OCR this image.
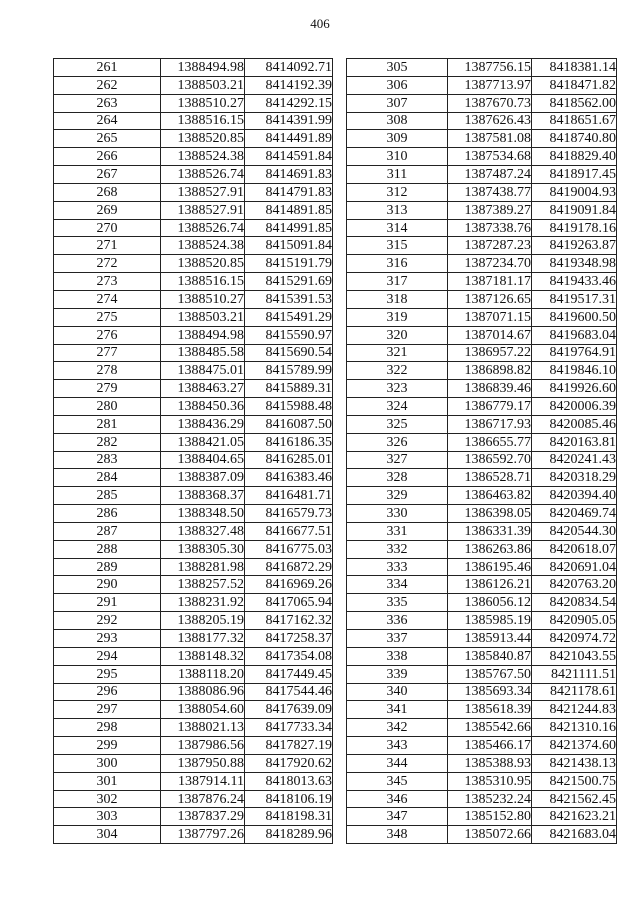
406
261	1388494.98	8414092.71
262	1388503.21	8414192.39
263	1388510.27	8414292.15
264	1388516.15	8414391.99
265	1388520.85	8414491.89
266	1388524.38	8414591.84
267	1388526.74	8414691.83
268	1388527.91	8414791.83
269	1388527.91	8414891.85
270	1388526.74	8414991.85
271	1388524.38	8415091.84
272	1388520.85	8415191.79
273	1388516.15	8415291.69
274	1388510.27	8415391.53
275	1388503.21	8415491.29
276	1388494.98	8415590.97
277	1388485.58	8415690.54
278	1388475.01	8415789.99
279	1388463.27	8415889.31
280	1388450.36	8415988.48
281	1388436.29	8416087.50
282	1388421.05	8416186.35
283	1388404.65	8416285.01
284	1388387.09	8416383.46
285	1388368.37	8416481.71
286	1388348.50	8416579.73
287	1388327.48	8416677.51
288	1388305.30	8416775.03
289	1388281.98	8416872.29
290	1388257.52	8416969.26
291	1388231.92	8417065.94
292	1388205.19	8417162.32
293	1388177.32	8417258.37
294	1388148.32	8417354.08
295	1388118.20	8417449.45
296	1388086.96	8417544.46
297	1388054.60	8417639.09
298	1388021.13	8417733.34
299	1387986.56	8417827.19
300	1387950.88	8417920.62
301	1387914.11	8418013.63
302	1387876.24	8418106.19
303	1387837.29	8418198.31
304	1387797.26	8418289.96
305	1387756.15	8418381.14
306	1387713.97	8418471.82
307	1387670.73	8418562.00
308	1387626.43	8418651.67
309	1387581.08	8418740.80
310	1387534.68	8418829.40
311	1387487.24	8418917.45
312	1387438.77	8419004.93
313	1387389.27	8419091.84
314	1387338.76	8419178.16
315	1387287.23	8419263.87
316	1387234.70	8419348.98
317	1387181.17	8419433.46
318	1387126.65	8419517.31
319	1387071.15	8419600.50
320	1387014.67	8419683.04
321	1386957.22	8419764.91
322	1386898.82	8419846.10
323	1386839.46	8419926.60
324	1386779.17	8420006.39
325	1386717.93	8420085.46
326	1386655.77	8420163.81
327	1386592.70	8420241.43
328	1386528.71	8420318.29
329	1386463.82	8420394.40
330	1386398.05	8420469.74
331	1386331.39	8420544.30
332	1386263.86	8420618.07
333	1386195.46	8420691.04
334	1386126.21	8420763.20
335	1386056.12	8420834.54
336	1385985.19	8420905.05
337	1385913.44	8420974.72
338	1385840.87	8421043.55
339	1385767.50	8421111.51
340	1385693.34	8421178.61
341	1385618.39	8421244.83
342	1385542.66	8421310.16
343	1385466.17	8421374.60
344	1385388.93	8421438.13
345	1385310.95	8421500.75
346	1385232.24	8421562.45
347	1385152.80	8421623.21
348	1385072.66	8421683.04
